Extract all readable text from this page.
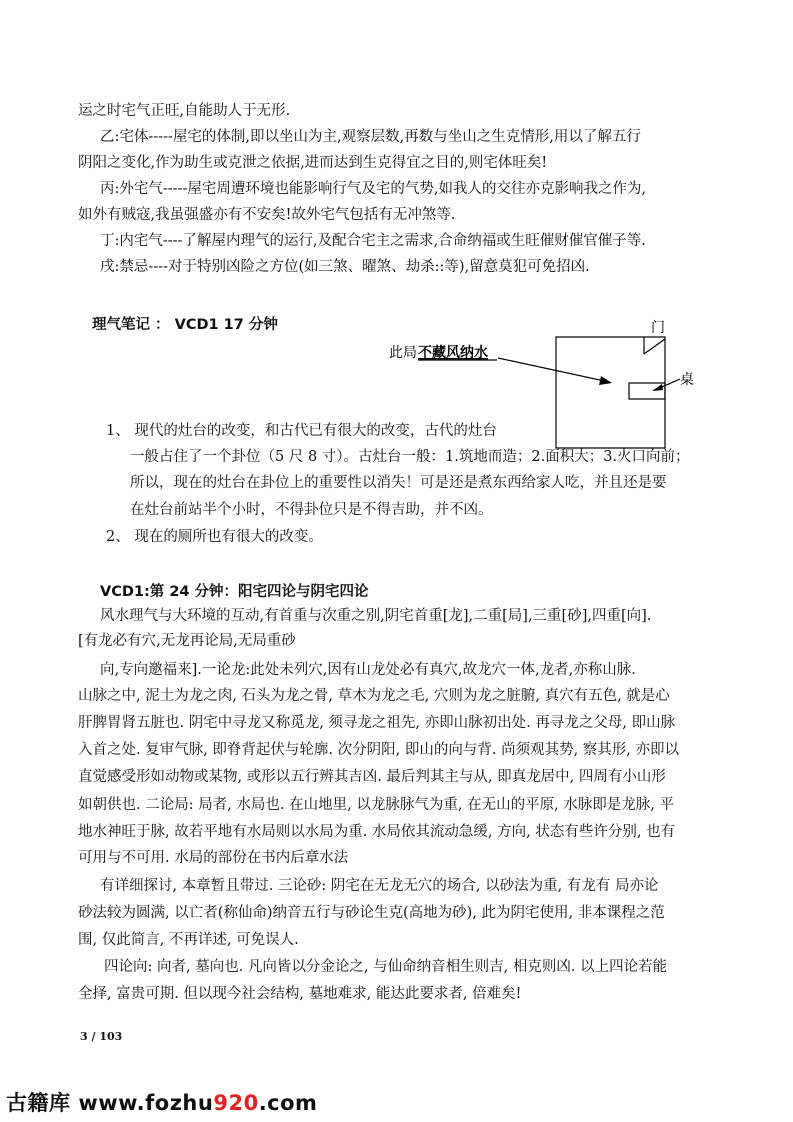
运之时宅气正旺,自能助人于无形.
乙:宅体-----屋宅的体制,即以坐山为主,观察层数,再数与坐山之生克情形,用以了解五行
阴阳之变化,作为助生或克泄之依据,进而达到生克得宜之目的,则宅体旺矣!
丙:外宅气-----屋宅周遭环境也能影响行气及宅的气势,如我人的交往亦克影响我之作为,
如外有贼寇,我虽强盛亦有不安矣!故外宅气包括有无冲煞等.
丁:内宅气----了解屋内理气的运行,及配合宅主之需求,合命纳福或生旺催财催官催子等.
戌:禁忌----对于特别凶险之方位(如三煞、曜煞、劫杀::等),留意莫犯可免招凶.
理气笔记 ： VCD1 17 分钟	门
此局 不藏风纳水
桌
1、 现代的灶台的改变，和古代已有很大的改变，古代的灶台
一般占住了一个卦位（5 尺 8 寸）。古灶台一般：1.筑地而造；2.面积大；3.火口向前；
所以，现在的灶台在卦位上的重要性以消失！可是还是煮东西给家人吃，并且还是要
在灶台前站半个小时，不得卦位只是不得吉助，并不凶。
2、 现在的厕所也有很大的改变。
VCD1:第 24 分钟：阳宅四论与阴宅四论
风水理气与大环境的互动,有首重与次重之别,阴宅首重[龙],二重[局],三重[砂],四重[向].
[有龙必有穴,无龙再论局,无局重砂
向,专向邀福来].一论龙:此处未列穴,因有山龙处必有真穴,故龙穴一体,龙者,亦称山脉.
山脉之中, 泥土为龙之肉, 石头为龙之骨, 草木为龙之毛, 穴则为龙之脏腑, 真穴有五色, 就是心
肝脾胃肾五脏也. 阴宅中寻龙又称觅龙, 须寻龙之祖先, 亦即山脉初出处. 再寻龙之父母, 即山脉
入首之处. 复审气脉, 即脊背起伏与轮廓. 次分阴阳, 即山的向与背. 尚须观其势, 察其形, 亦即以
直觉感受形如动物或某物, 或形以五行辨其吉凶. 最后判其主与从, 即真龙居中, 四周有小山形
如朝供也. 二论局: 局者, 水局也. 在山地里, 以龙脉脉气为重, 在无山的平原, 水脉即是龙脉, 平
地水神旺于脉, 故若平地有水局则以水局为重. 水局依其流动急缓, 方向, 状态有些许分别, 也有
可用与不可用. 水局的部份在书内后章水法
有详细探讨, 本章暂且带过. 三论砂: 阴宅在无龙无穴的场合, 以砂法为重, 有龙有 局亦论
砂法较为圆满, 以亡者(称仙命)纳音五行与砂论生克(高地为砂), 此为阴宅使用, 非本课程之范
围, 仅此简言, 不再详述, 可免误人.
四论向: 向者, 墓向也. 凡向皆以分金论之, 与仙命纳音相生则吉, 相克则凶. 以上四论若能
全择, 富贵可期. 但以现今社会结构, 墓地难求, 能达此要求者, 倍难矣!
3 / 103
古籍库 www.fozhu920.com
